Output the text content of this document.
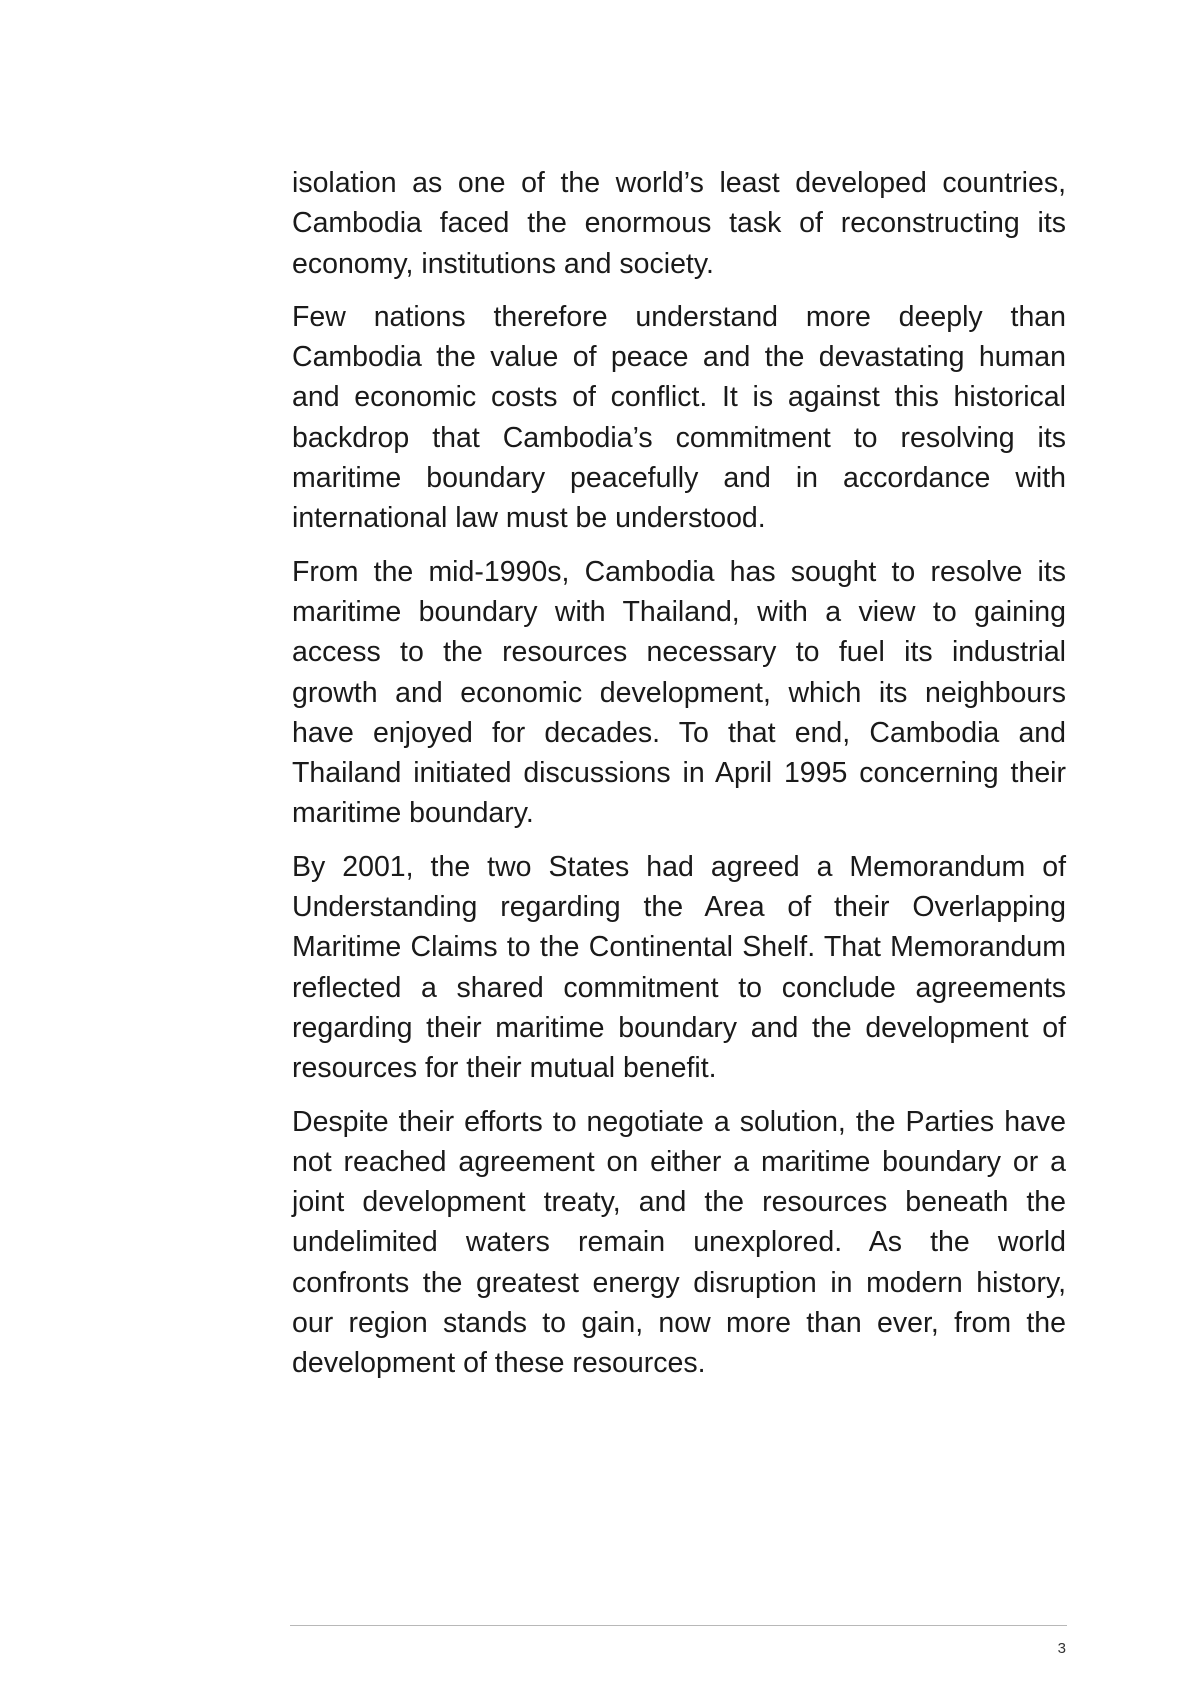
isolation as one of the world’s least developed countries, Cambodia faced the enormous task of reconstructing its economy, institutions and society.

Few nations therefore understand more deeply than Cambodia the value of peace and the devastating human and economic costs of conflict. It is against this historical backdrop that Cambodia’s commitment to resolving its maritime boundary peacefully and in accordance with international law must be understood.

From the mid-1990s, Cambodia has sought to resolve its maritime boundary with Thailand, with a view to gaining access to the resources necessary to fuel its industrial growth and economic development, which its neighbours have enjoyed for decades. To that end, Cambodia and Thailand initiated discussions in April 1995 concerning their maritime boundary.

By 2001, the two States had agreed a Memorandum of Understanding regarding the Area of their Overlapping Maritime Claims to the Continental Shelf. That Memorandum reflected a shared commitment to conclude agreements regarding their maritime boundary and the development of resources for their mutual benefit.

Despite their efforts to negotiate a solution, the Parties have not reached agreement on either a maritime boundary or a joint development treaty, and the resources beneath the undelimited waters remain unexplored. As the world confronts the greatest energy disruption in modern history, our region stands to gain, now more than ever, from the development of these resources.

3
